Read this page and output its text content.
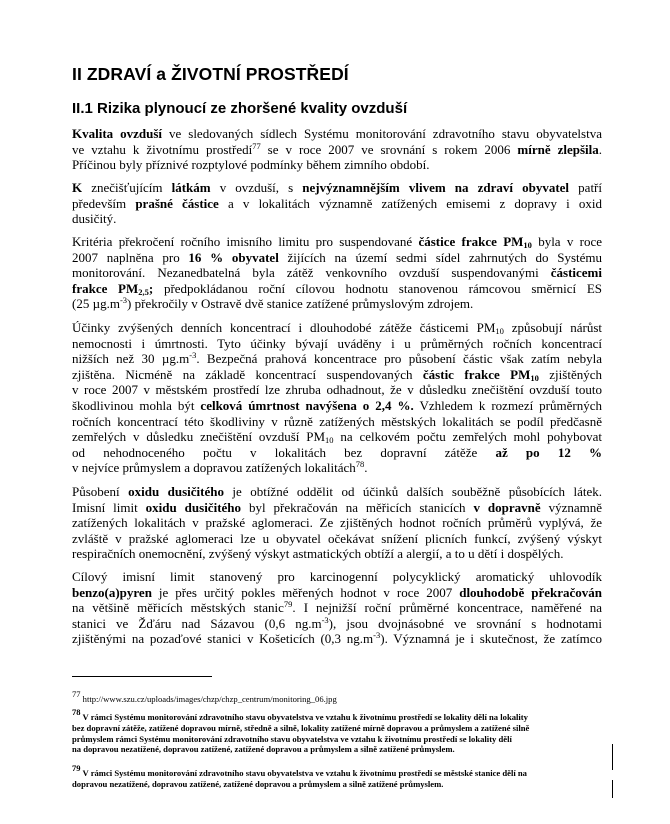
II ZDRAVÍ a ŽIVOTNÍ PROSTŘEDÍ
II.1 Rizika plynoucí ze zhoršené kvality ovzduší
Kvalita ovzduší ve sledovaných sídlech Systému monitorování zdravotního stavu obyvatelstva
ve vztahu k životnímu prostředí$^{77}$ se v roce 2007 ve srovnání s rokem 2006 mírně zlepšila.
Příčinou byly příznivé rozptylové podmínky během zimního období.
K znečišťujícím látkám v ovzduší, s nejvýznamnějším vlivem na zdraví obyvatel patří
především prašné částice a v lokalitách významně zatížených emisemi z dopravy i oxid
dusičitý.
Kritéria překročení ročního imisního limitu pro suspendované částice frakce $PM_{10}$ byla v roce
2007 naplněna pro 16 % obyvatel žijících na území sedmi sídel zahrnutých do Systému
monitorování. Nezanedbatelná byla zátěž venkovního ovzduší suspendovanými částicemi
frakce $PM_{2,5}$; předpokládanou roční cílovou hodnotu stanovenou rámcovou směrnicí ES
(25 $\mu g.m^{-3}$) překročily v Ostravě dvě stanice zatížené průmyslovým zdrojem.
Účinky zvýšených denních koncentrací i dlouhodobé zátěže částicemi $PM_{10}$ způsobují nárůst
nemocnosti i úmrtnosti. Tyto účinky bývají uváděny i u průměrných ročních koncentrací
nižších než 30 $\mu g.m^{-3}$. Bezpečná prahová koncentrace pro působení částic však zatím nebyla
zjištěna. Nicméně na základě koncentrací suspendovaných částic frakce $PM_{10}$ zjištěných
v roce 2007 v městském prostředí lze zhruba odhadnout, že v důsledku znečištění ovzduší touto
škodlivinou mohla být celková úmrtnost navýšena o 2,4 %. Vzhledem k rozmezí průměrných
ročních koncentrací této škodliviny v různě zatížených městských lokalitách se podíl předčasně
zemřelých v důsledku znečištění ovzduší $PM_{10}$ na celkovém počtu zemřelých mohl pohybovat
od nehodnoceného počtu v lokalitách bez dopravní zátěže až po 12 %
v nejvíce průmyslem a dopravou zatížených lokalitách$^{78}$.
Působení oxidu dusičitého je obtížné oddělit od účinků dalších souběžně působících látek.
Imisní limit oxidu dusičitého byl překračován na měřicích stanicích v dopravně významně
zatížených lokalitách v pražské aglomeraci. Ze zjištěných hodnot ročních průměrů vyplývá, že
zvláště v pražské aglomeraci lze u obyvatel očekávat snížení plicních funkcí, zvýšený výskyt
respiračních onemocnění, zvýšený výskyt astmatických obtíží a alergií, a to u dětí i dospělých.
Cílový imisní limit stanovený pro karcinogenní polycyklický aromatický uhlovodík
benzo(a)pyren je přes určitý pokles měřených hodnot v roce 2007 dlouhodobě překračován
na většině měřicích městských stanic$^{79}$. I nejnižší roční průměrné koncentrace, naměřené na
stanici ve Žďáru nad Sázavou (0,6 $ng.m^{-3}$), jsou dvojnásobné ve srovnání s hodnotami
zjištěnými na pozaďové stanici v Košeticích (0,3 $ng.m^{-3}$). Významná je i skutečnost, že zatímco
$^{77}$ http://www.szu.cz/uploads/images/chzp/chzp_centrum/monitoring_06.jpg
$^{78}$ V rámci Systému monitorování zdravotního stavu obyvatelstva ve vztahu k životnímu prostředí se lokality dělí na lokality
bez dopravní zátěže, zatížené dopravou mírně, středně a silně, lokality zatížené mírně dopravou a průmyslem a zatížené silně
průmyslem rámci Systému monitorování zdravotního stavu obyvatelstva ve vztahu k životnímu prostředí se lokality dělí
na dopravou nezatížené, dopravou zatížené, zatížené dopravou a průmyslem a silně zatížené průmyslem.
$^{79}$ V rámci Systému monitorování zdravotního stavu obyvatelstva ve vztahu k životnímu prostředí se městské stanice dělí na
dopravou nezatížené, dopravou zatížené, zatížené dopravou a průmyslem a silně zatížené průmyslem.
